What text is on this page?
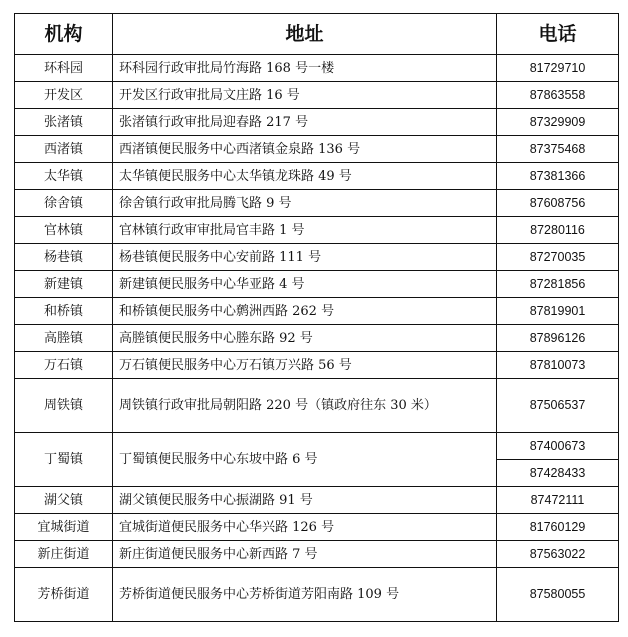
机构	地址	电话
环科园	环科园行政审批局竹海路 168 号一楼	81729710
开发区	开发区行政审批局文庄路 16 号	87863558
张渚镇	张渚镇行政审批局迎春路 217 号	87329909
西渚镇	西渚镇便民服务中心西渚镇金泉路 136 号	87375468
太华镇	太华镇便民服务中心太华镇龙珠路 49 号	87381366
徐舍镇	徐舍镇行政审批局腾飞路 9 号	87608756
官林镇	官林镇行政审审批局官丰路 1 号	87280116
杨巷镇	杨巷镇便民服务中心安前路 111 号	87270035
新建镇	新建镇便民服务中心华亚路 4 号	87281856
和桥镇	和桥镇便民服务中心鹩洲西路 262 号	87819901
高塍镇	高塍镇便民服务中心塍东路 92 号	87896126
万石镇	万石镇便民服务中心万石镇万兴路 56 号	87810073
周铁镇	周铁镇行政审批局朝阳路 220 号（镇政府往东 30 米）	87506537
丁蜀镇	丁蜀镇便民服务中心东坡中路 6 号	87400673
		87428433
湖父镇	湖父镇便民服务中心振湖路 91 号	87472111
宜城街道	宜城街道便民服务中心华兴路 126 号	81760129
新庄街道	新庄街道便民服务中心新西路 7 号	87563022
芳桥街道	芳桥街道便民服务中心芳桥街道芳阳南路 109 号	87580055
